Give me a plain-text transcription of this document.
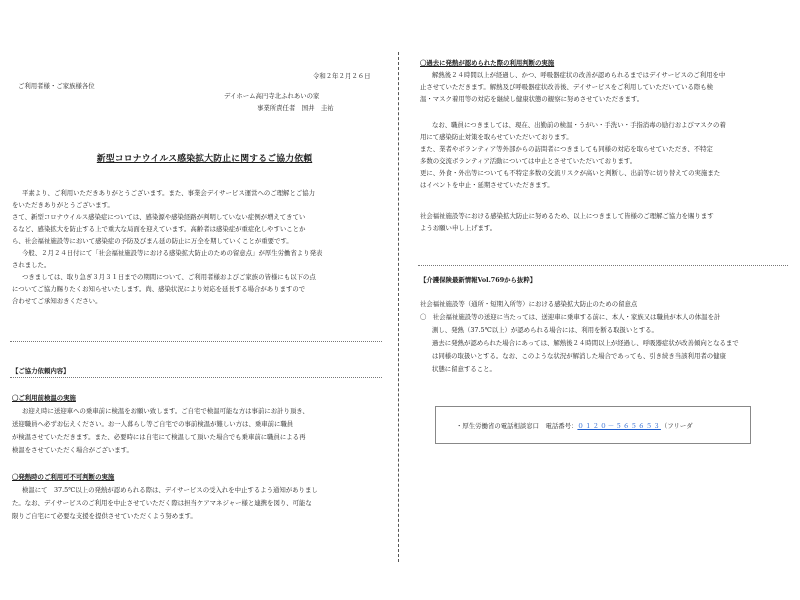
令和２年２月２６日
ご利用者様・ご家族様各位
デイホーム高円寺北ふれあいの家
事業所責任者　国井　圭祐
新型コロナウイルス感染拡大防止に関するご協力依頼
平素より、ご利用いただきありがとうございます。また、事業会デイサービス運営へのご理解とご協力
をいただきありがとうございます。
さて、新型コロナウイルス感染症については、感染源や感染経路が判明していない症例が増えてきてい
るなど、感染拡大を防止する上で重大な局面を迎えています。高齢者は感染症が重症化しやすいことか
ら、社会福祉施設等において感染症の予防及びまん延の防止に万全を期していくことが重要です。
今般、２月２４日付にて「社会福祉施設等における感染拡大防止のための留意点」が厚生労働省より発表
されました。
つきましては、取り急ぎ３月３１日までの期間について、ご利用者様およびご家族の皆様にも以下の点
についてご協力賜りたくお知らせいたします。尚、感染状況により対応を延長する場合がありますので
合わせてご承知おきください。
【ご協力依頼内容】
〇ご利用前検温の実施
お迎え時に送迎車への乗車前に検温をお願い致します。ご自宅で検温可能な方は事前にお計り頂き、
送迎職員へ必ずお伝えください。お一人暮らし等ご自宅での事前検温が難しい方は、乗車前に職員
が検温させていただきます。また、必要時には自宅にて検温して頂いた場合でも乗車前に職員による再
検温をさせていただく場合がございます。
〇発熱時のご利用可不可判断の実施
検温にて　37.5℃以上の発熱が認められる際は、デイサービスの受入れを中止するよう通知がありまし
た。なお、デイサービスのご利用を中止させていただく際は担当ケアマネジャー様と連携を図り、可能な
限りご自宅にて必要な支援を提供させていただくよう努めます。
〇過去に発熱が認められた際の利用判断の実施
解熱後２４時間以上が経過し、かつ、呼吸器症状の改善が認められるまではデイサービスのご利用を中
止させていただきます。解熱及び呼吸器症状改善後、デイサービスをご利用していただいている際も検
温・マスク着用等の対応を継続し健康状態の観察に努めさせていただきます。
なお、職員につきましては、現在、出勤前の検温・うがい・手洗い・手指消毒の励行およびマスクの着
用にて感染防止対策を取らせていただいております。
また、業者やボランティア等外部からの訪問者につきましても同様の対応を取らせていただき、不特定
多数の交流ボランティア活動については中止とさせていただいております。
更に、外食・外出等についても不特定多数の交流リスクが高いと判断し、出前等に切り替えての実施また
はイベントを中止・延期させていただきます。
社会福祉施設等における感染拡大防止に努めるため、以上につきまして皆様のご理解ご協力を賜ります
ようお願い申し上げます。
【介護保険最新情報Vol.769から抜粋】
社会福祉施設等（通所・短期入所等）における感染拡大防止のための留意点
〇　社会福祉施設等の送迎に当たっては、送迎車に乗車する前に、本人・家族又は職員が本人の体温を計
測し、発熱（37.5℃以上）が認められる場合には、利用を断る取扱いとする。
過去に発熱が認められた場合にあっては、解熱後２４時間以上が経過し、呼吸器症状が改善傾向となるまで
は同様の取扱いとする。なお、このような状況が解消した場合であっても、引き続き当該利用者の健康
状態に留意すること。
・厚生労働省の電話相談窓口　電話番号：０１２０－５６５６５３（フリーダ
